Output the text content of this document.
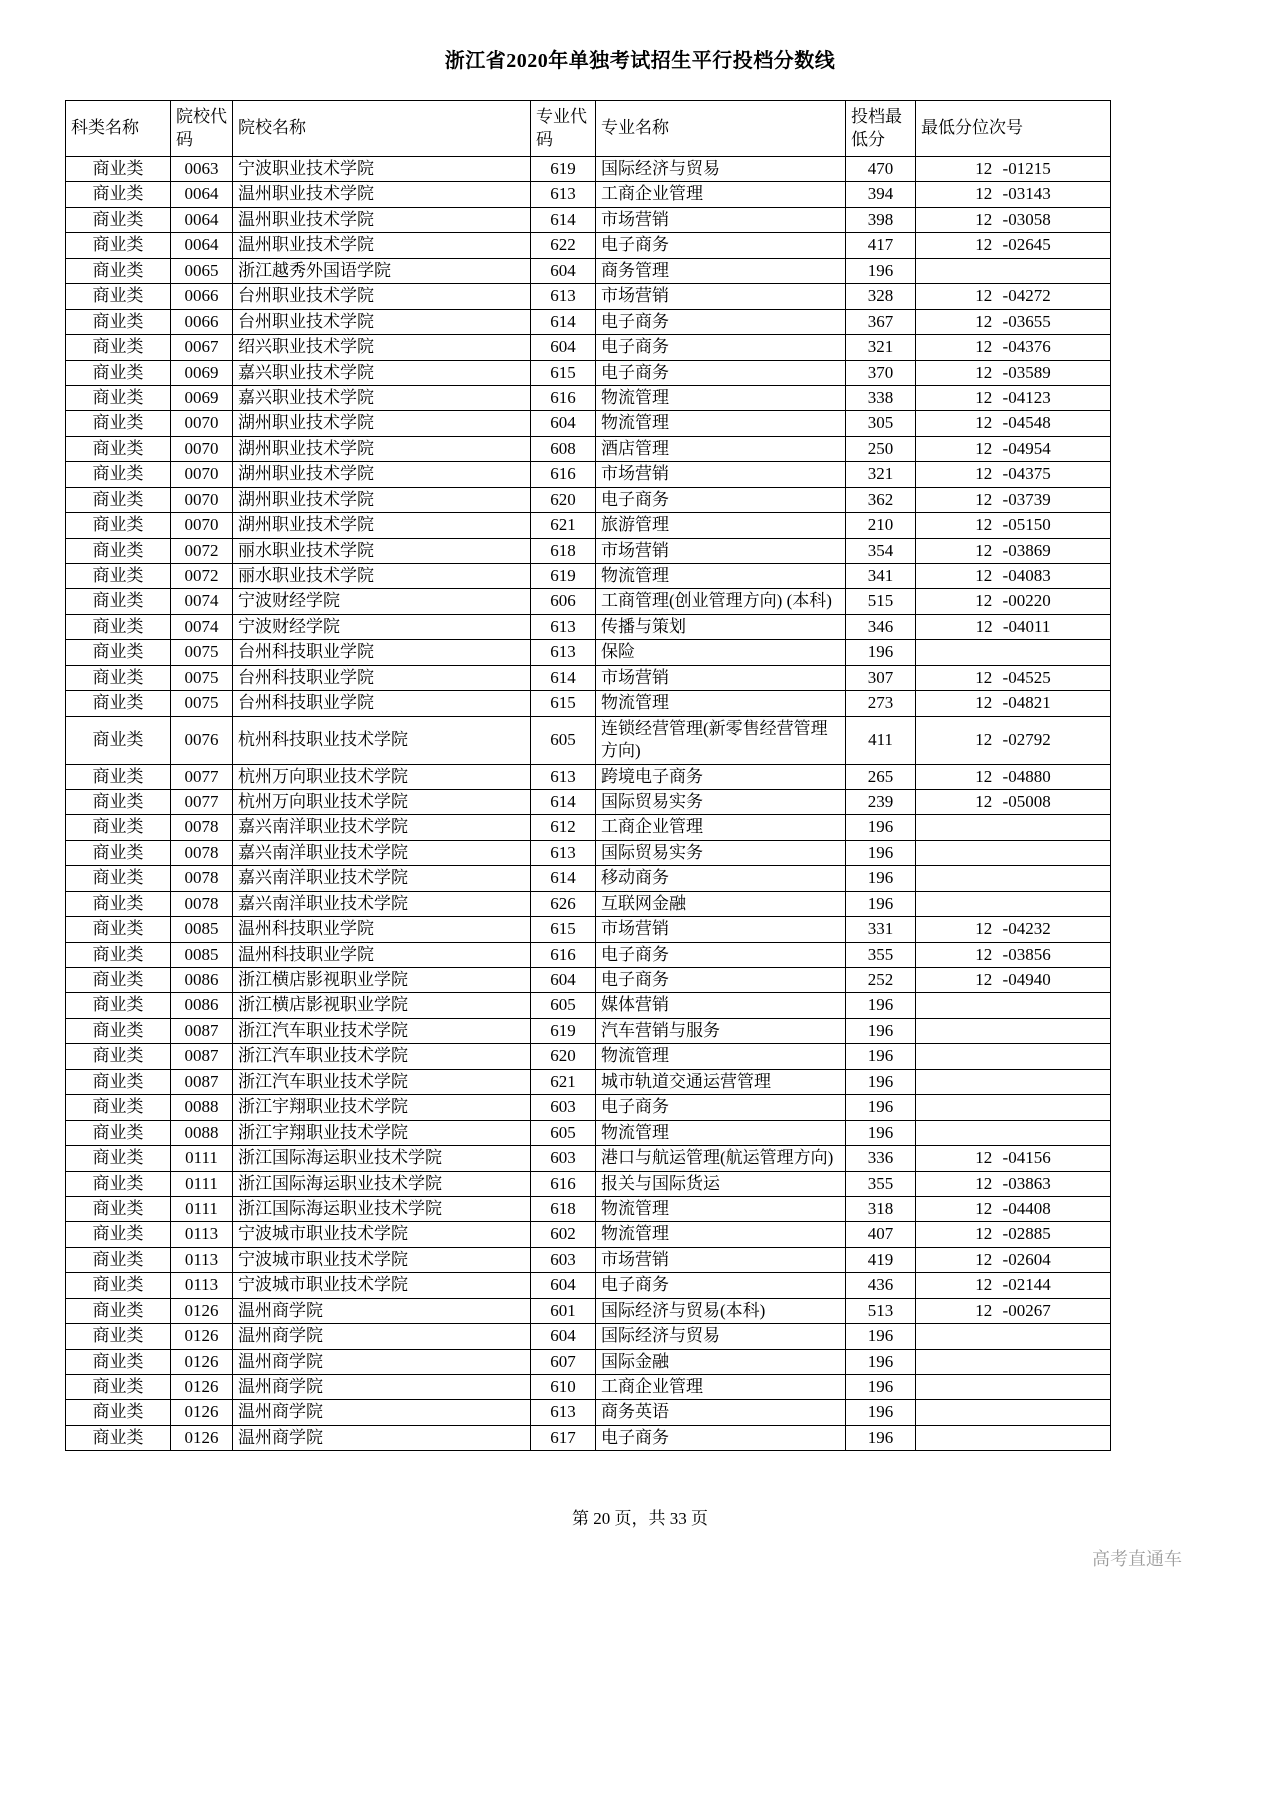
浙江省2020年单独考试招生平行投档分数线
科类名称	院校代码	院校名称	专业代码	专业名称	投档最低分	最低分位次号
商业类	0063	宁波职业技术学院	619	国际经济与贸易	470	12 -01215
商业类	0064	温州职业技术学院	613	工商企业管理	394	12 -03143
商业类	0064	温州职业技术学院	614	市场营销	398	12 -03058
商业类	0064	温州职业技术学院	622	电子商务	417	12 -02645
商业类	0065	浙江越秀外国语学院	604	商务管理	196	
商业类	0066	台州职业技术学院	613	市场营销	328	12 -04272
商业类	0066	台州职业技术学院	614	电子商务	367	12 -03655
商业类	0067	绍兴职业技术学院	604	电子商务	321	12 -04376
商业类	0069	嘉兴职业技术学院	615	电子商务	370	12 -03589
商业类	0069	嘉兴职业技术学院	616	物流管理	338	12 -04123
商业类	0070	湖州职业技术学院	604	物流管理	305	12 -04548
商业类	0070	湖州职业技术学院	608	酒店管理	250	12 -04954
商业类	0070	湖州职业技术学院	616	市场营销	321	12 -04375
商业类	0070	湖州职业技术学院	620	电子商务	362	12 -03739
商业类	0070	湖州职业技术学院	621	旅游管理	210	12 -05150
商业类	0072	丽水职业技术学院	618	市场营销	354	12 -03869
商业类	0072	丽水职业技术学院	619	物流管理	341	12 -04083
商业类	0074	宁波财经学院	606	工商管理(创业管理方向) (本科)	515	12 -00220
商业类	0074	宁波财经学院	613	传播与策划	346	12 -04011
商业类	0075	台州科技职业学院	613	保险	196	
商业类	0075	台州科技职业学院	614	市场营销	307	12 -04525
商业类	0075	台州科技职业学院	615	物流管理	273	12 -04821
商业类	0076	杭州科技职业技术学院	605	连锁经营管理(新零售经营管理方向)	411	12 -02792
商业类	0077	杭州万向职业技术学院	613	跨境电子商务	265	12 -04880
商业类	0077	杭州万向职业技术学院	614	国际贸易实务	239	12 -05008
商业类	0078	嘉兴南洋职业技术学院	612	工商企业管理	196	
商业类	0078	嘉兴南洋职业技术学院	613	国际贸易实务	196	
商业类	0078	嘉兴南洋职业技术学院	614	移动商务	196	
商业类	0078	嘉兴南洋职业技术学院	626	互联网金融	196	
商业类	0085	温州科技职业学院	615	市场营销	331	12 -04232
商业类	0085	温州科技职业学院	616	电子商务	355	12 -03856
商业类	0086	浙江横店影视职业学院	604	电子商务	252	12 -04940
商业类	0086	浙江横店影视职业学院	605	媒体营销	196	
商业类	0087	浙江汽车职业技术学院	619	汽车营销与服务	196	
商业类	0087	浙江汽车职业技术学院	620	物流管理	196	
商业类	0087	浙江汽车职业技术学院	621	城市轨道交通运营管理	196	
商业类	0088	浙江宇翔职业技术学院	603	电子商务	196	
商业类	0088	浙江宇翔职业技术学院	605	物流管理	196	
商业类	0111	浙江国际海运职业技术学院	603	港口与航运管理(航运管理方向)	336	12 -04156
商业类	0111	浙江国际海运职业技术学院	616	报关与国际货运	355	12 -03863
商业类	0111	浙江国际海运职业技术学院	618	物流管理	318	12 -04408
商业类	0113	宁波城市职业技术学院	602	物流管理	407	12 -02885
商业类	0113	宁波城市职业技术学院	603	市场营销	419	12 -02604
商业类	0113	宁波城市职业技术学院	604	电子商务	436	12 -02144
商业类	0126	温州商学院	601	国际经济与贸易(本科)	513	12 -00267
商业类	0126	温州商学院	604	国际经济与贸易	196	
商业类	0126	温州商学院	607	国际金融	196	
商业类	0126	温州商学院	610	工商企业管理	196	
商业类	0126	温州商学院	613	商务英语	196	
商业类	0126	温州商学院	617	电子商务	196	
第 20 页，共 33 页
高考直通车
